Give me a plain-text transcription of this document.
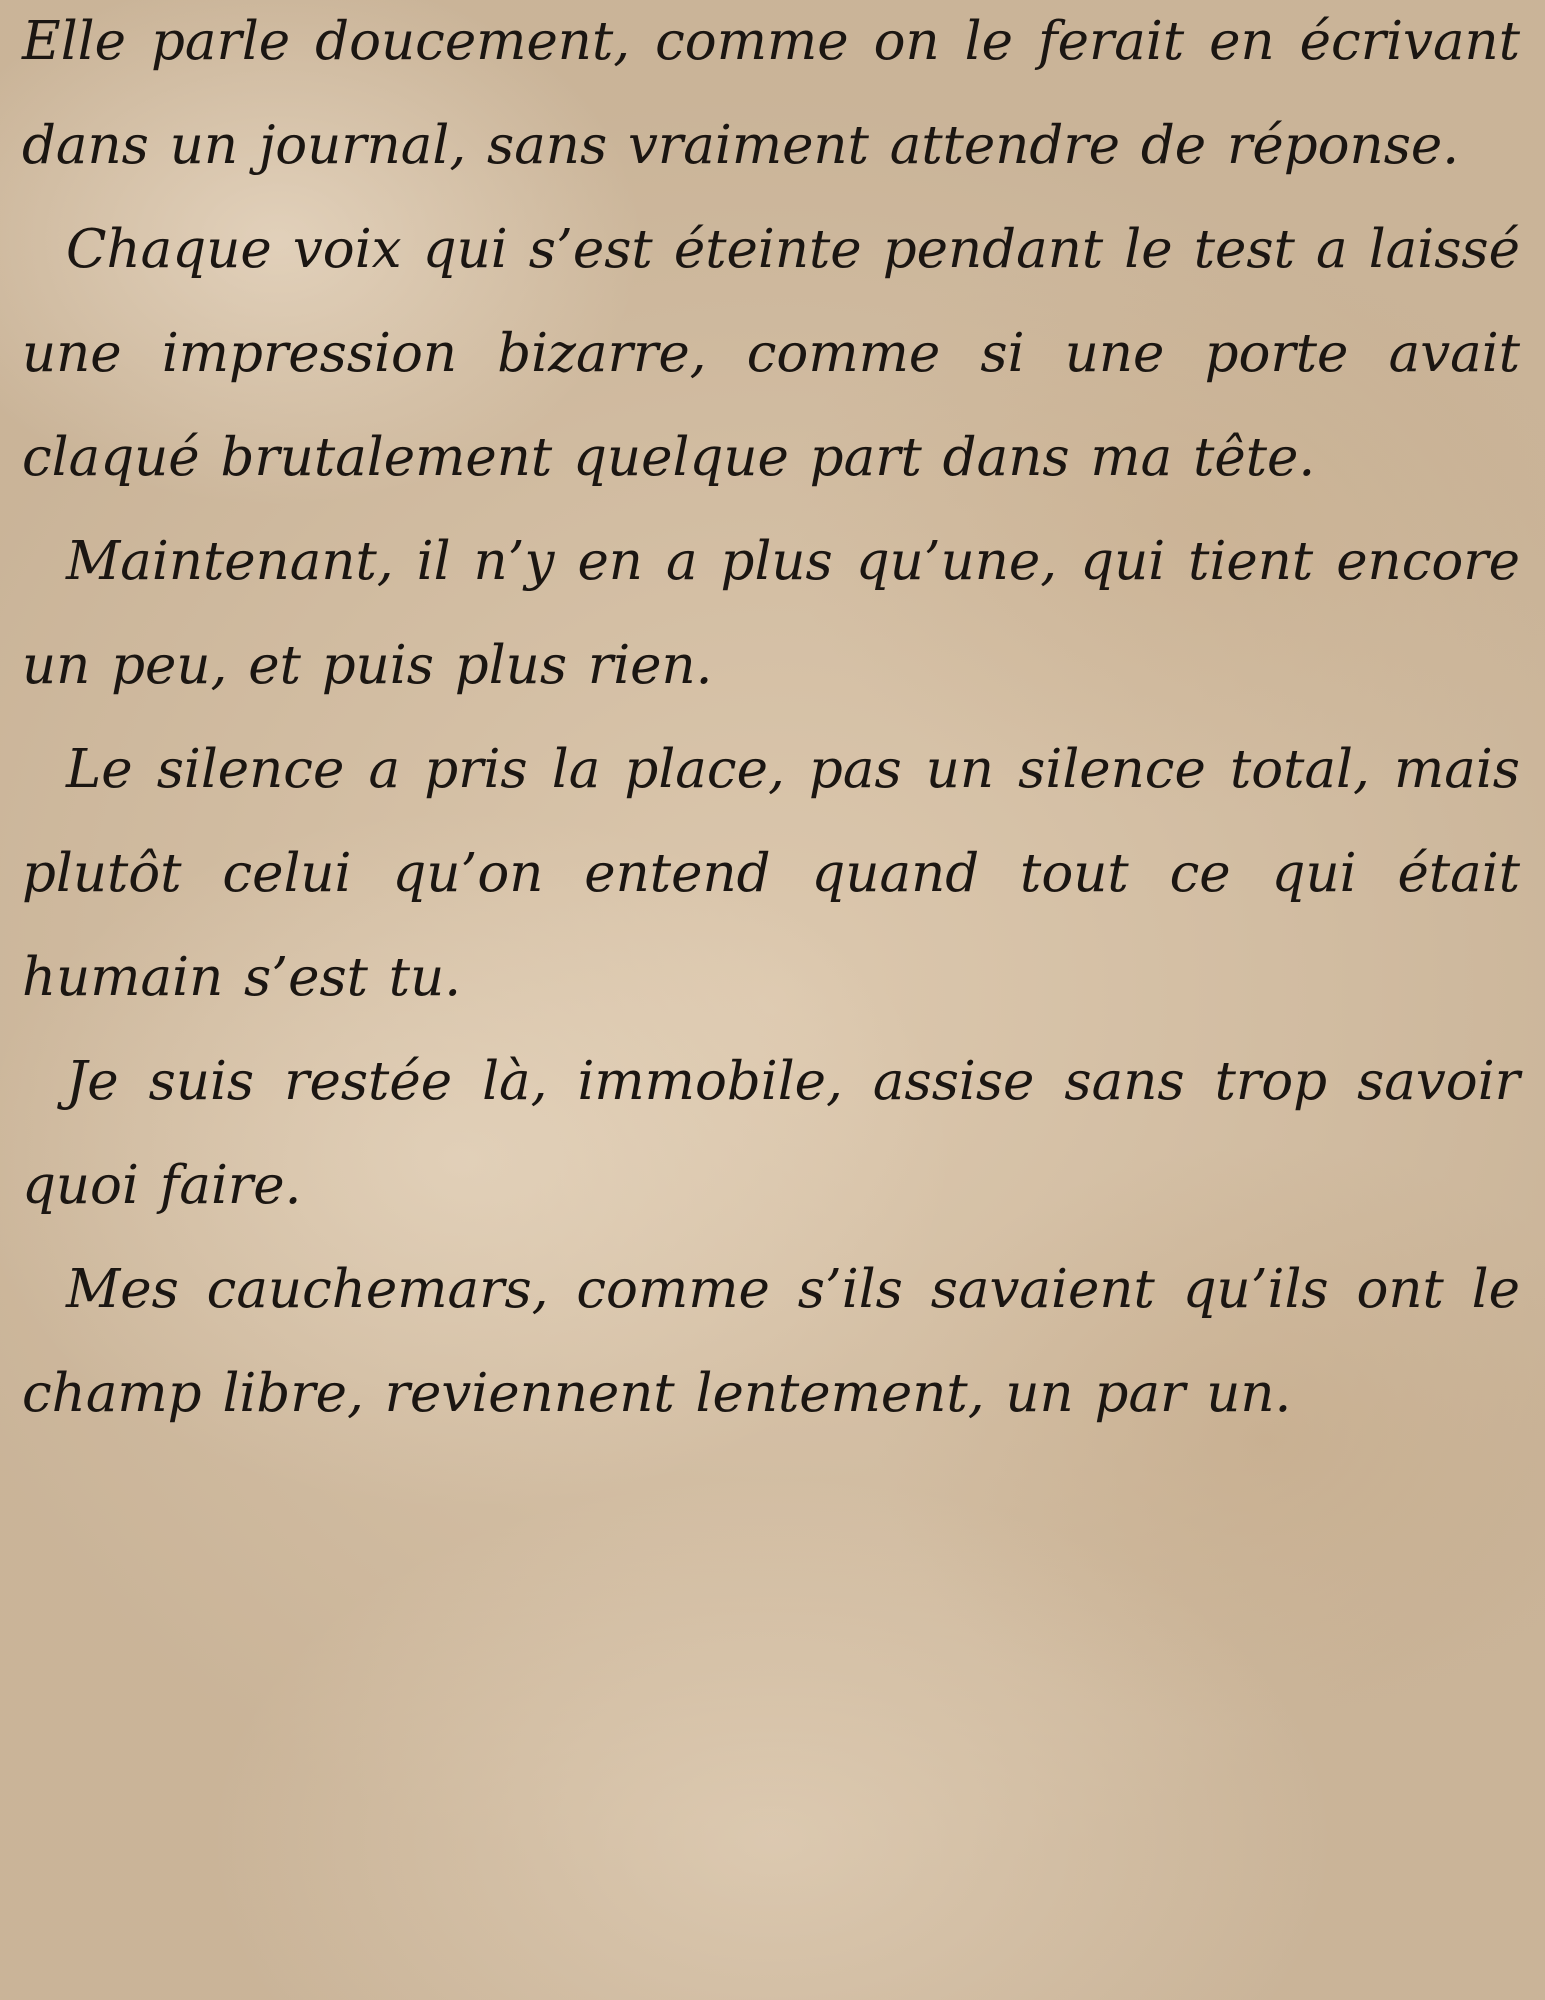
Elle parle doucement, comme on le ferait en écrivant dans un journal, sans vraiment attendre de réponse.

Chaque voix qui s’est éteinte pendant le test a laissé une impression bizarre, comme si une porte avait claqué brutalement quelque part dans ma tête.

Maintenant, il n’y en a plus qu’une, qui tient encore un peu, et puis plus rien.

Le silence a pris la place, pas un silence total, mais plutôt celui qu’on entend quand tout ce qui était humain s’est tu.

Je suis restée là, immobile, assise sans trop savoir quoi faire.

Mes cauchemars, comme s’ils savaient qu’ils ont le champ libre, reviennent lentement, un par un.
